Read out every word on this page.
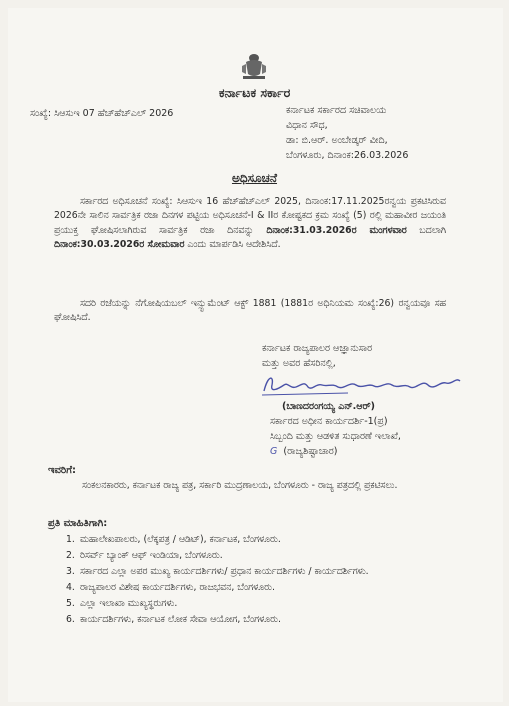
ಕರ್ನಾಟಕ ಸರ್ಕಾರ
ಸಂಖ್ಯೆ: ಸಿಆಸುಇ 07 ಹೆಚ್‌ಹೆಚ್‌ಎಲ್ 2026	ಕರ್ನಾಟಕ ಸರ್ಕಾರದ ಸಚಿವಾಲಯ
ವಿಧಾನ ಸೌಧ,
ಡಾ: ಬಿ.ಆರ್. ಅಂಬೇಡ್ಕರ್ ವೀದಿ,
ಬೆಂಗಳೂರು, ದಿನಾಂಕ:26.03.2026
ಅಧಿಸೂಚನೆ
ಸರ್ಕಾರದ ಅಧಿಸೂಚನೆ ಸಂಖ್ಯೆ: ಸಿಆಸುಇ 16 ಹೆಚ್‌ಹೆಚ್‌ಎಲ್ 2025, ದಿನಾಂಕ:17.11.2025ರನ್ವಯ ಪ್ರಕಟಿಸಿರುವ 2026ನೇ ಸಾಲಿನ ಸಾರ್ವತ್ರಿಕ ರಜಾ ದಿನಗಳ ಪಟ್ಟಿಯ ಅಧಿಸೂಚನೆ-I & IIರ ಕೋಷ್ಟಕದ ಕ್ರಮ ಸಂಖ್ಯೆ (5) ರಲ್ಲಿ ಮಹಾವೀರ ಜಯಂತಿ ಪ್ರಯುಕ್ತ ಘೋಷಿಸಲಾಗಿರುವ ಸಾರ್ವತ್ರಿಕ ರಜಾ ದಿನವನ್ನು ದಿನಾಂಕ:31.03.2026ರ ಮಂಗಳವಾರ ಬದಲಾಗಿ ದಿನಾಂಕ:30.03.2026ರ ಸೋಮವಾರ ಎಂದು ಮಾರ್ಪಡಿಸಿ ಆದೇಶಿಸಿದೆ.
ಸದರಿ ರಜೆಯನ್ನು ನೆಗೋಷಿಯಬಲ್ ಇನ್ಸ್ಟುಮೆಂಟ್ ಆಕ್ಟ್ 1881 (1881ರ ಅಧಿನಿಯಮ ಸಂಖ್ಯೆ:26) ರನ್ವಯವೂ ಸಹ ಘೋಷಿಸಿದೆ.
ಕರ್ನಾಟಕ ರಾಜ್ಯಪಾಲರ ಆಜ್ಞಾನುಸಾರ
ಮತ್ತು ಅವರ ಹೆಸರಿನಲ್ಲಿ,
(ಬಾಣದರಂಗಯ್ಯ ಎನ್.ಆರ್)
ಸರ್ಕಾರದ ಅಧೀನ ಕಾರ್ಯದರ್ಶಿ-1(ಪ್ರ)
ಸಿಬ್ಬಂದಿ ಮತ್ತು ಆಡಳಿತ ಸುಧಾರಣೆ ಇಲಾಖೆ,
G (ರಾಜ್ಯಶಿಷ್ಟಾಚಾರ)
ಇವರಿಗೆ:
ಸಂಕಲನಕಾರರು, ಕರ್ನಾಟಕ ರಾಜ್ಯ ಪತ್ರ, ಸರ್ಕಾರಿ ಮುದ್ರಣಾಲಯ, ಬೆಂಗಳೂರು - ರಾಜ್ಯ ಪತ್ರದಲ್ಲಿ ಪ್ರಕಟಿಸಲು.
ಪ್ರತಿ ಮಾಹಿತಿಗಾಗಿ:
1. ಮಹಾಲೇಖಪಾಲರು, (ಲೆಕ್ಕಪತ್ರ / ಆಡಿಟ್), ಕರ್ನಾಟಕ, ಬೆಂಗಳೂರು.
2. ರಿಸರ್ವ್ ಬ್ಯಾಂಕ್ ಆಫ್ ಇಂಡಿಯಾ, ಬೆಂಗಳೂರು.
3. ಸರ್ಕಾರದ ಎಲ್ಲಾ ಅಪರ ಮುಖ್ಯ ಕಾರ್ಯದರ್ಶಿಗಳು/ ಪ್ರಧಾನ ಕಾರ್ಯದರ್ಶಿಗಳು / ಕಾರ್ಯದರ್ಶಿಗಳು.
4. ರಾಜ್ಯಪಾಲರ ವಿಶೇಷ ಕಾರ್ಯದರ್ಶಿಗಳು, ರಾಜಭವನ, ಬೆಂಗಳೂರು.
5. ಎಲ್ಲಾ ಇಲಾಖಾ ಮುಖ್ಯಸ್ಥರುಗಳು.
6. ಕಾರ್ಯದರ್ಶಿಗಳು, ಕರ್ನಾಟಕ ಲೋಕ ಸೇವಾ ಆಯೋಗ, ಬೆಂಗಳೂರು.
